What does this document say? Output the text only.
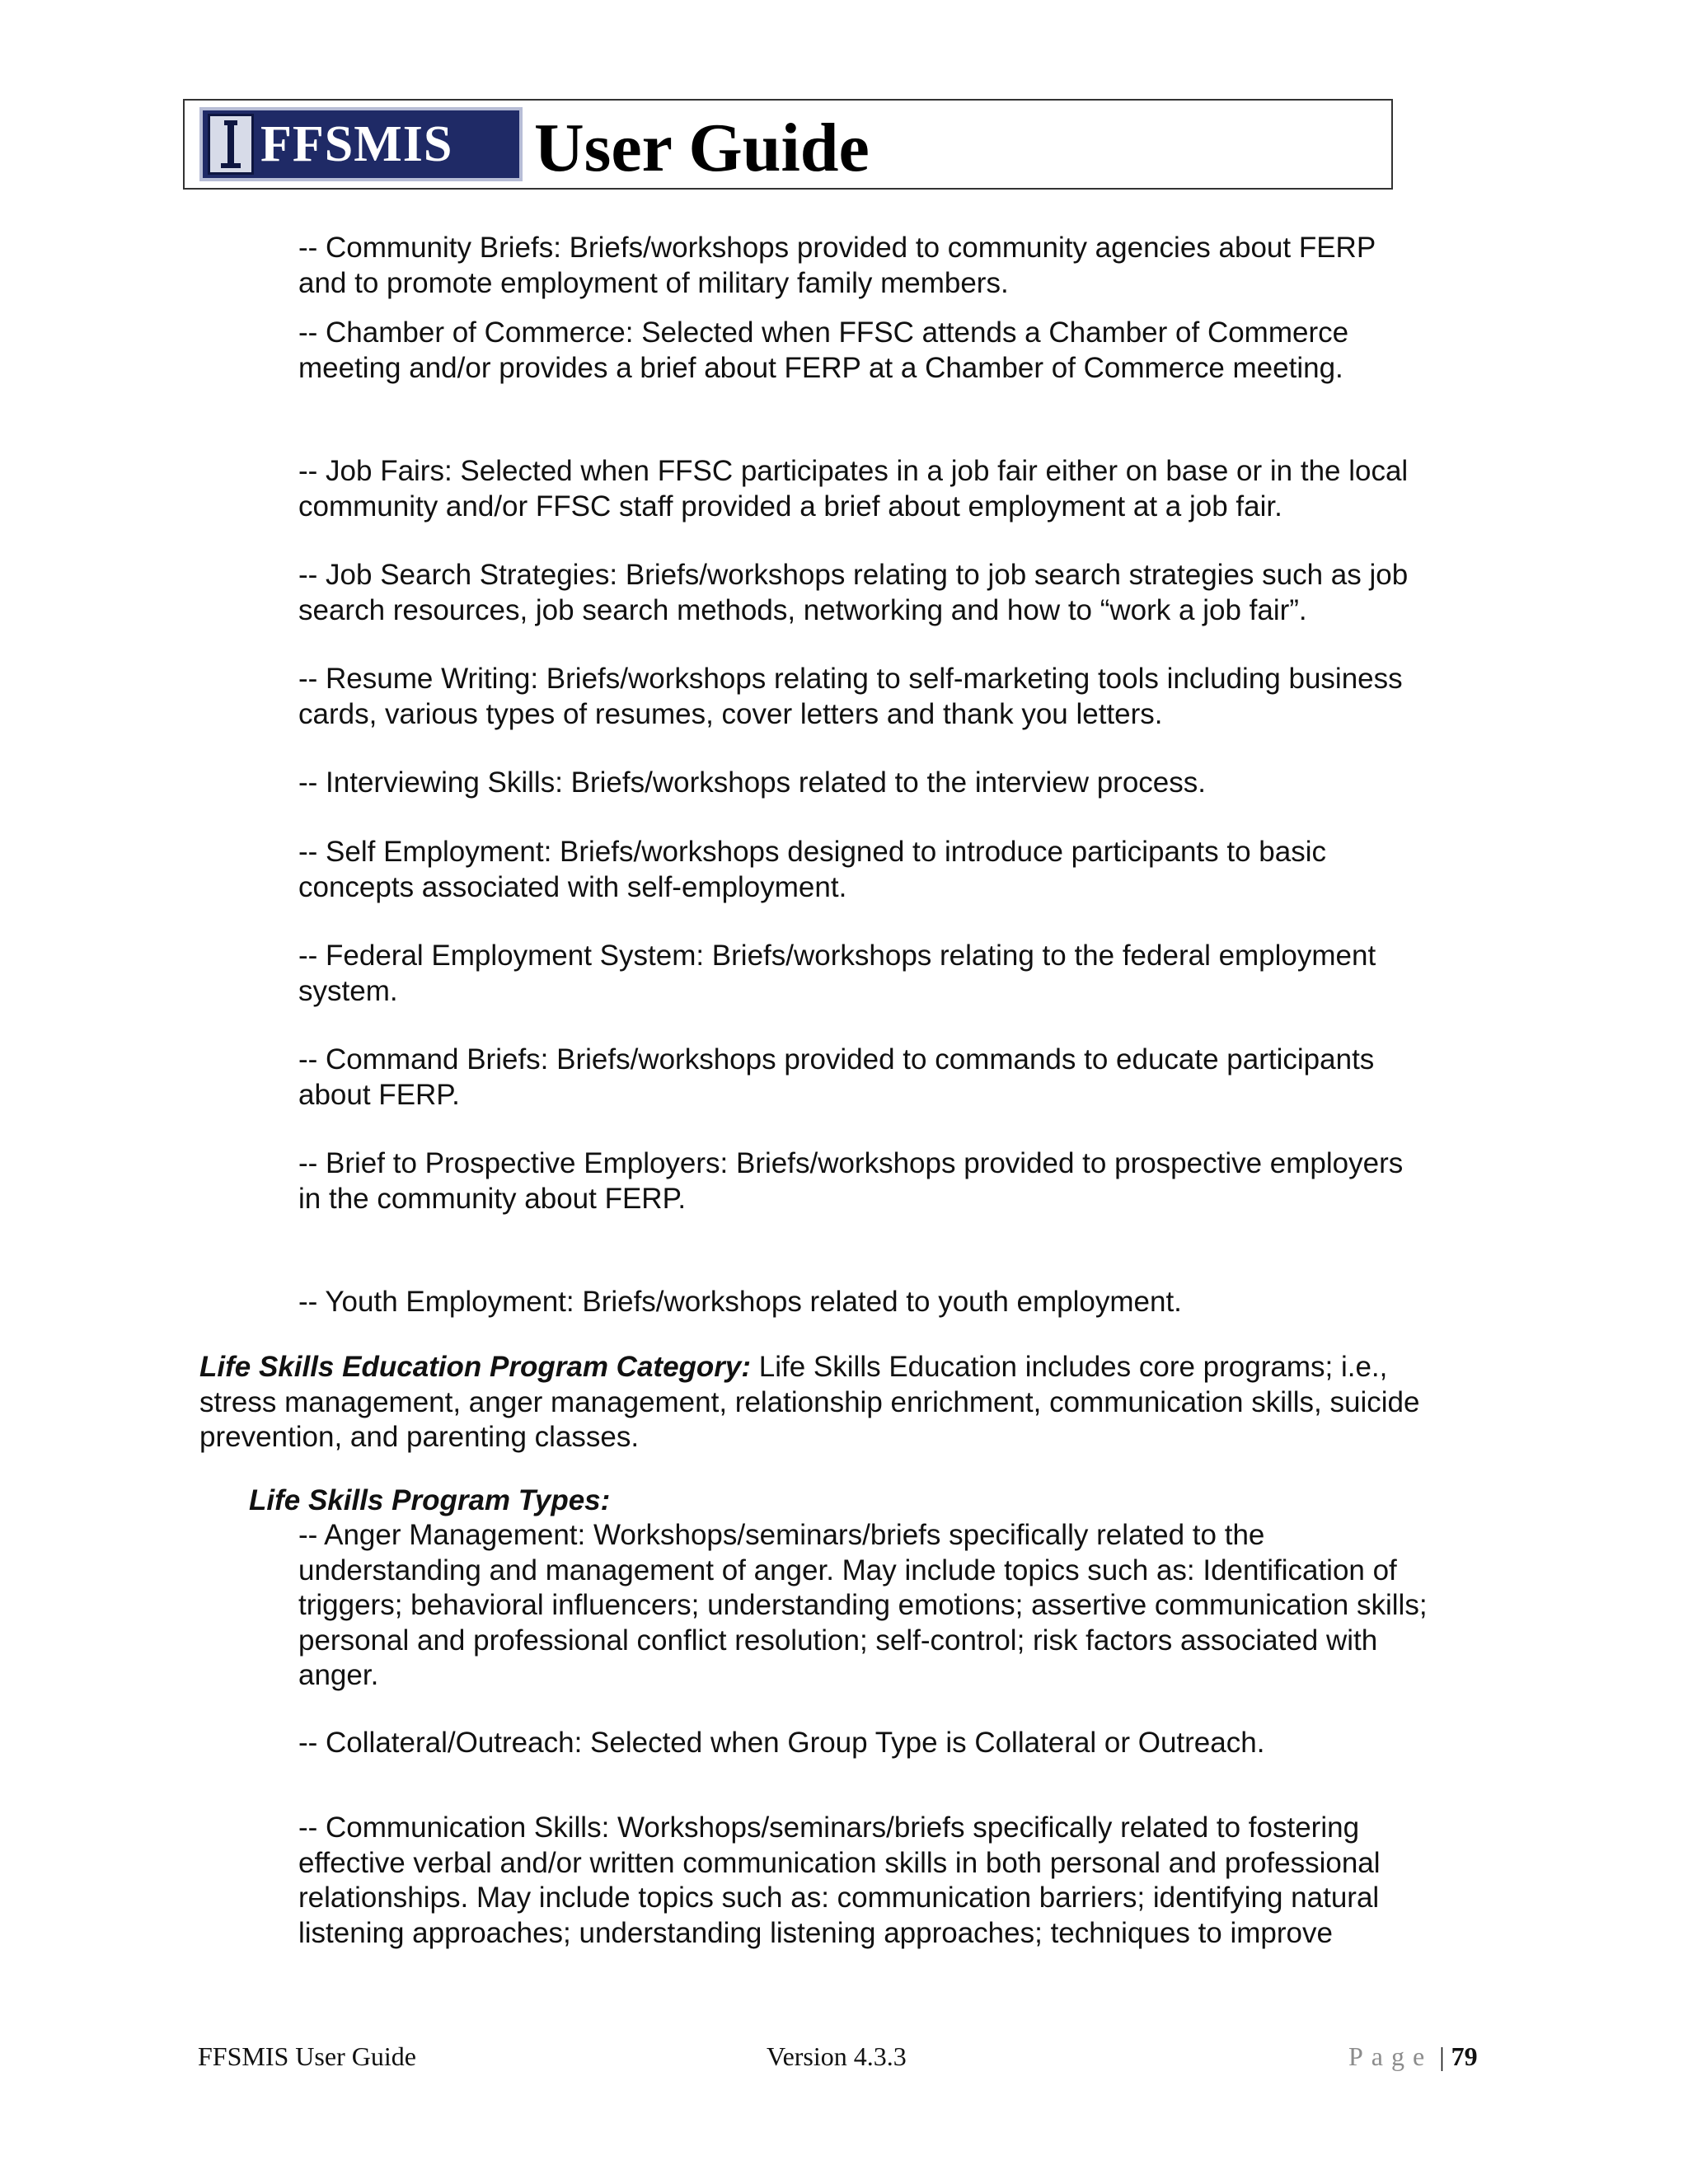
FFSMIS User Guide
-- Community Briefs: Briefs/workshops provided to community agencies about FERP
and to promote employment of military family members.
-- Chamber of Commerce: Selected when FFSC attends a Chamber of Commerce
meeting and/or provides a brief about FERP at a Chamber of Commerce meeting.
-- Job Fairs: Selected when FFSC participates in a job fair either on base or in the local
community and/or FFSC staff provided a brief about employment at a job fair.
-- Job Search Strategies: Briefs/workshops relating to job search strategies such as job
search resources, job search methods, networking and how to “work a job fair”.
-- Resume Writing: Briefs/workshops relating to self-marketing tools including business
cards, various types of resumes, cover letters and thank you letters.
-- Interviewing Skills: Briefs/workshops related to the interview process.
-- Self Employment: Briefs/workshops designed to introduce participants to basic
concepts associated with self-employment.
-- Federal Employment System: Briefs/workshops relating to the federal employment
system.
-- Command Briefs: Briefs/workshops provided to commands to educate participants
about FERP.
-- Brief to Prospective Employers: Briefs/workshops provided to prospective employers
in the community about FERP.
-- Youth Employment: Briefs/workshops related to youth employment.
Life Skills Education Program Category: Life Skills Education includes core programs; i.e.,
stress management, anger management, relationship enrichment, communication skills, suicide
prevention, and parenting classes.
Life Skills Program Types:
-- Anger Management: Workshops/seminars/briefs specifically related to the
understanding and management of anger. May include topics such as: Identification of
triggers; behavioral influencers; understanding emotions; assertive communication skills;
personal and professional conflict resolution; self-control; risk factors associated with
anger.
-- Collateral/Outreach: Selected when Group Type is Collateral or Outreach.
-- Communication Skills: Workshops/seminars/briefs specifically related to fostering
effective verbal and/or written communication skills in both personal and professional
relationships. May include topics such as: communication barriers; identifying natural
listening approaches; understanding listening approaches; techniques to improve
FFSMIS User Guide	Version 4.3.3	Page | 79
